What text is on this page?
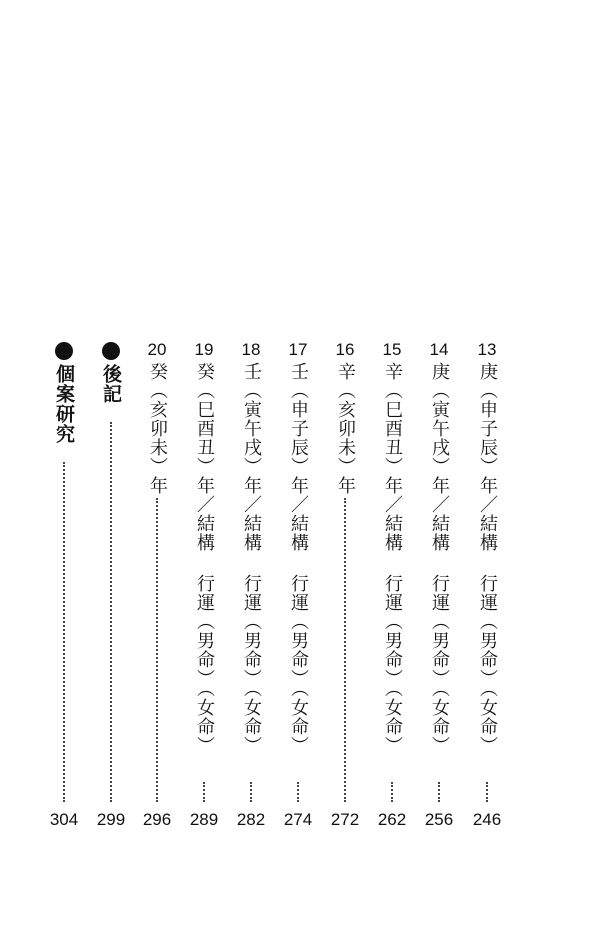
13
庚（申子辰）年／結構 行運（男命）（女命）
246
14
庚（寅午戌）年／結構 行運（男命）（女命）
256
15
辛（巳酉丑）年／結構 行運（男命）（女命）
262
16
辛（亥卯未）年
272
17
壬（申子辰）年／結構 行運（男命）（女命）
274
18
壬（寅午戌）年／結構 行運（男命）（女命）
282
19
癸（巳酉丑）年／結構 行運（男命）（女命）
289
20
癸（亥卯未）年
296
後記
299
個案研究
304
